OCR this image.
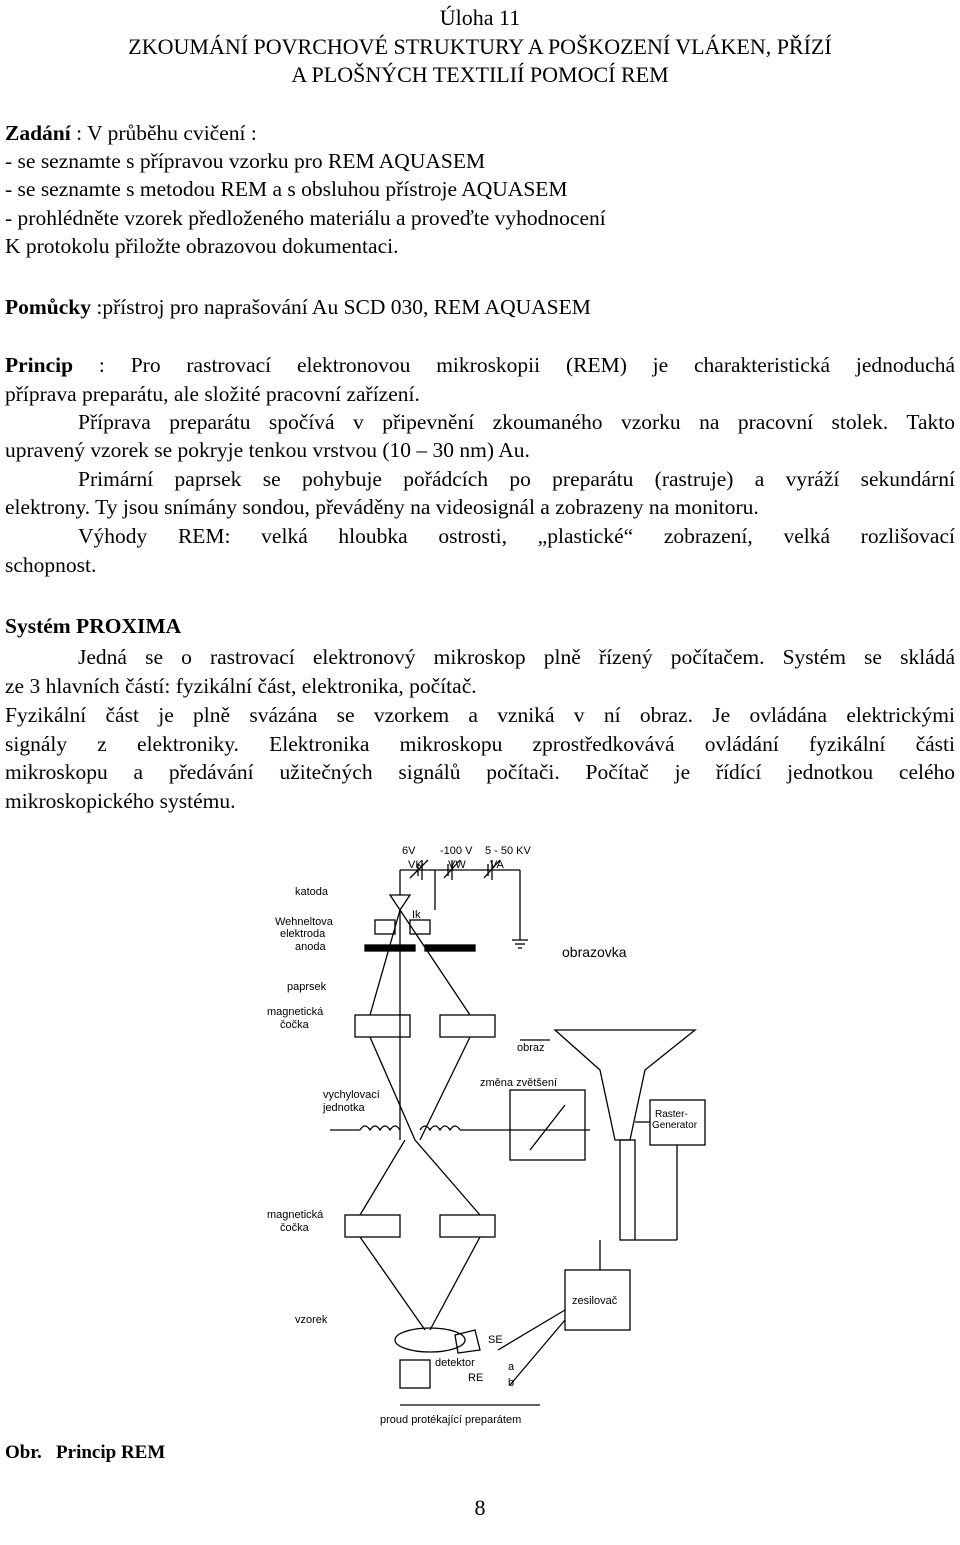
Úloha 11
ZKOUMÁNÍ POVRCHOVÉ STRUKTURY A POŠKOZENÍ VLÁKEN, PŘÍZÍ
A PLOŠNÝCH TEXTILIÍ POMOCÍ REM
Zadání : V průběhu cvičení :
- se seznamte s přípravou vzorku pro REM AQUASEM
- se seznamte s metodou REM a s obsluhou přístroje AQUASEM
- prohlédněte vzorek předloženého materiálu a proveďte vyhodnocení
K protokolu přiložte obrazovou dokumentaci.
Pomůcky :přístroj pro naprašování Au SCD 030, REM AQUASEM
Princip : Pro rastrovací elektronovou mikroskopii (REM) je charakteristická jednoduchá
příprava preparátu, ale složité pracovní zařízení.
Příprava preparátu spočívá v připevnění zkoumaného vzorku na pracovní stolek. Takto
upravený vzorek se pokryje tenkou vrstvou (10 – 30 nm) Au.
Primární paprsek se pohybuje pořádcích po preparátu (rastruje) a vyráží sekundární
elektrony. Ty jsou snímány sondou, převáděny na videosignál a zobrazeny na monitoru.
Výhody REM: velká hloubka ostrosti, „plastické“ zobrazení, velká rozlišovací
schopnost.
Systém PROXIMA
Jedná se o rastrovací elektronový mikroskop plně řízený počítačem. Systém se skládá
ze 3 hlavních částí: fyzikální část, elektronika, počítač.
Fyzikální část je plně svázána se vzorkem a vzniká v ní obraz. Je ovládána elektrickými
signály z elektroniky. Elektronika mikroskopu zprostředkovává ovládání fyzikální části
mikroskopu a předávání užitečných signálů počítači. Počítač je řídící jednotkou celého
mikroskopického systému.
6V -100 V 5 - 50 KV
VK VW VA
Ik
katoda
Wehneltova
elektroda
anoda
paprsek
magnetická
čočka
vychylovací
jednotka
magnetická
čočka
vzorek
obrazovka
obraz
změna zvětšení
Raster-
Generator
zesilovač
SE
detektor
RE
a
b
proud protékající preparátem
Obr. Princip REM
8
